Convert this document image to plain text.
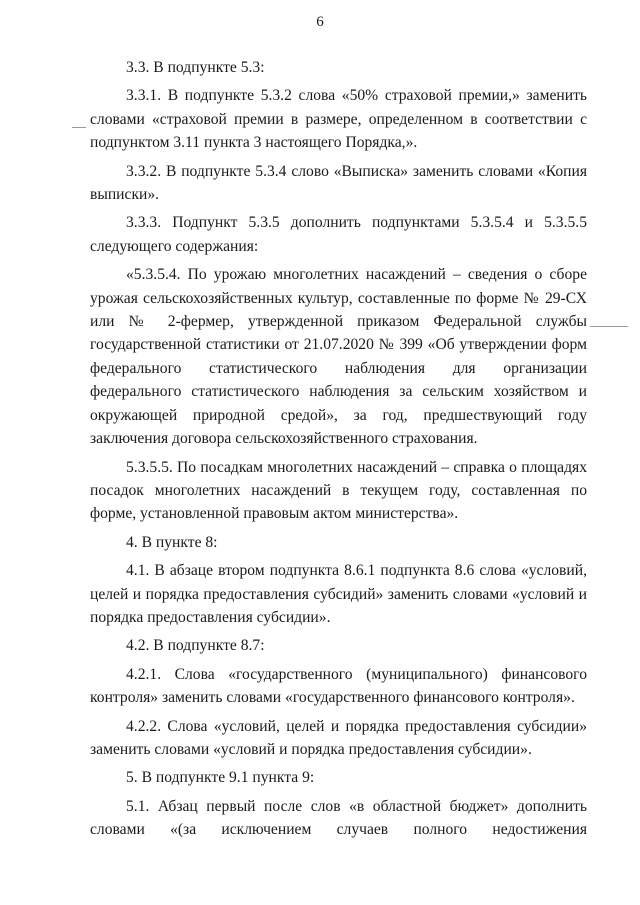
6

3.3. В подпункте 5.3:

3.3.1. В подпункте 5.3.2 слова «50% страховой премии,» заменить словами «страховой премии в размере, определенном в соответствии с подпунктом 3.11 пункта 3 настоящего Порядка,».

3.3.2. В подпункте 5.3.4 слово «Выписка» заменить словами «Копия выписки».

3.3.3. Подпункт 5.3.5 дополнить подпунктами 5.3.5.4 и 5.3.5.5 следующего содержания:

«5.3.5.4. По урожаю многолетних насаждений – сведения о сборе урожая сельскохозяйственных культур, составленные по форме № 29-СХ или № 2-фермер, утвержденной приказом Федеральной службы государственной статистики от 21.07.2020 № 399 «Об утверждении форм федерального статистического наблюдения для организации федерального статистического наблюдения за сельским хозяйством и окружающей природной средой», за год, предшествующий году заключения договора сельскохозяйственного страхования.

5.3.5.5. По посадкам многолетних насаждений – справка о площадях посадок многолетних насаждений в текущем году, составленная по форме, установленной правовым актом министерства».

4. В пункте 8:

4.1. В абзаце втором подпункта 8.6.1 подпункта 8.6 слова «условий, целей и порядка предоставления субсидий» заменить словами «условий и порядка предоставления субсидии».

4.2. В подпункте 8.7:

4.2.1. Слова «государственного (муниципального) финансового контроля» заменить словами «государственного финансового контроля».

4.2.2. Слова «условий, целей и порядка предоставления субсидии» заменить словами «условий и порядка предоставления субсидии».

5. В подпункте 9.1 пункта 9:

5.1. Абзац первый после слов «в областной бюджет» дополнить словами «(за исключением случаев полного недостижения
